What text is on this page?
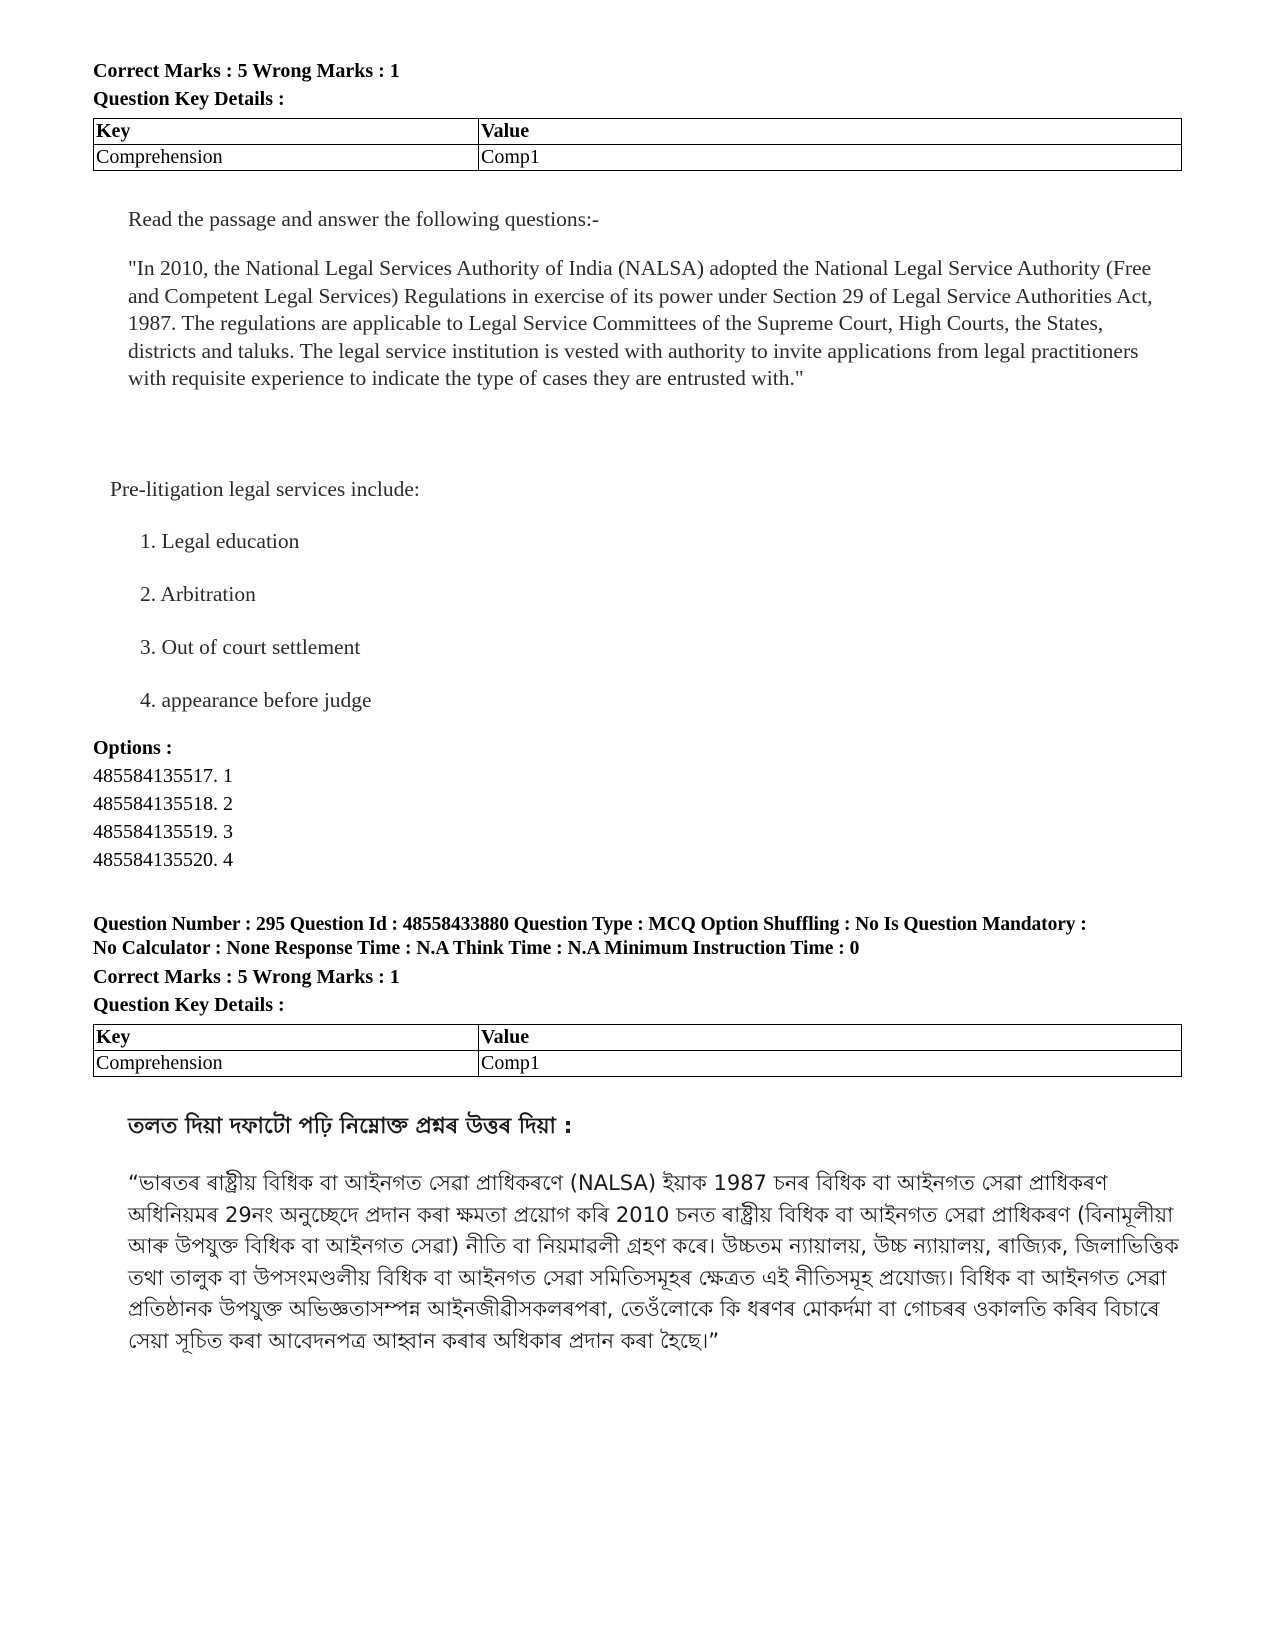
Correct Marks : 5 Wrong Marks : 1
Question Key Details :
Key	Value
Comprehension	Comp1
Read the passage and answer the following questions:-
"In 2010, the National Legal Services Authority of India (NALSA) adopted the National Legal Service Authority (Free and Competent Legal Services) Regulations in exercise of its power under Section 29 of Legal Service Authorities Act, 1987. The regulations are applicable to Legal Service Committees of the Supreme Court, High Courts, the States, districts and taluks. The legal service institution is vested with authority to invite applications from legal practitioners with requisite experience to indicate the type of cases they are entrusted with."
Pre-litigation legal services include:
1. Legal education
2. Arbitration
3. Out of court settlement
4. appearance before judge
Options :
485584135517. 1
485584135518. 2
485584135519. 3
485584135520. 4
Question Number : 295 Question Id : 48558433880 Question Type : MCQ Option Shuffling : No Is Question Mandatory :
No Calculator : None Response Time : N.A Think Time : N.A Minimum Instruction Time : 0
Correct Marks : 5 Wrong Marks : 1
Question Key Details :
Key	Value
Comprehension	Comp1
তলত দিয়া দফাটো পঢ়ি নিম্নোক্ত প্ৰশ্নৰ উত্তৰ দিয়া :
“ভাৰতৰ ৰাষ্ট্ৰীয় বিধিক বা আইনগত সেৱা প্ৰাধিকৰণে (NALSA) ইয়াক 1987 চনৰ বিধিক বা আইনগত সেৱা প্ৰাধিকৰণ অধিনিয়মৰ 29নং অনুচ্ছেদে প্ৰদান কৰা ক্ষমতা প্ৰয়োগ কৰি 2010 চনত ৰাষ্ট্ৰীয় বিধিক বা আইনগত সেৱা প্ৰাধিকৰণ (বিনামূলীয়া আৰু উপযুক্ত বিধিক বা আইনগত সেৱা) নীতি বা নিয়মাৱলী গ্ৰহণ কৰে। উচ্চতম ন্যায়ালয়, উচ্চ ন্যায়ালয়, ৰাজ্যিক, জিলাভিত্তিক তথা তালুক বা উপসংমণ্ডলীয় বিধিক বা আইনগত সেৱা সমিতিসমূহৰ ক্ষেত্ৰত এই নীতিসমূহ প্ৰযোজ্য। বিধিক বা আইনগত সেৱা প্ৰতিষ্ঠানক উপযুক্ত অভিজ্ঞতাসম্পন্ন আইনজীৱীসকলৰপৰা, তেওঁলোকে কি ধৰণৰ মোকৰ্দমা বা গোচৰৰ ওকালতি কৰিব বিচাৰে সেয়া সূচিত কৰা আবেদনপত্ৰ আহ্বান কৰাৰ অধিকাৰ প্ৰদান কৰা হৈছে।”
